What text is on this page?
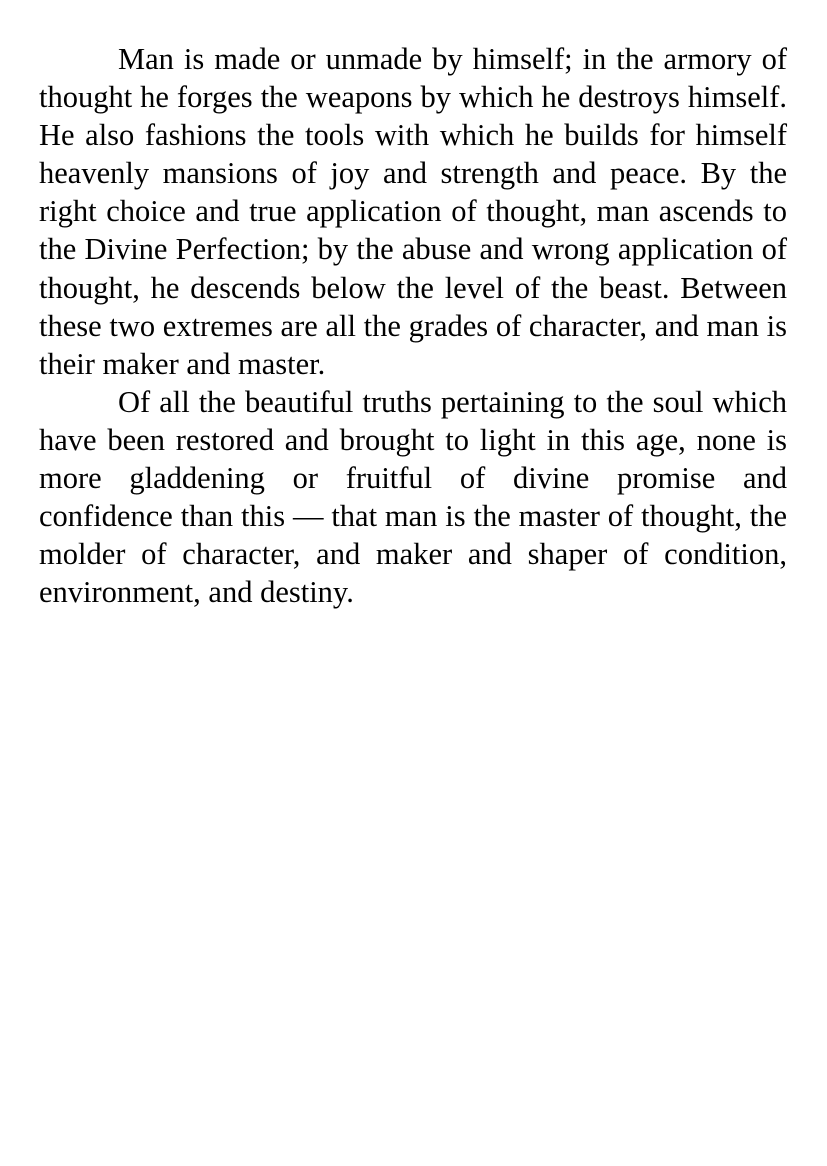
Man is made or unmade by himself; in the armory of thought he forges the weapons by which he destroys himself. He also fashions the tools with which he builds for himself heavenly mansions of joy and strength and peace. By the right choice and true application of thought, man ascends to the Divine Perfection; by the abuse and wrong application of thought, he descends below the level of the beast. Between these two extremes are all the grades of character, and man is their maker and master.

Of all the beautiful truths pertaining to the soul which have been restored and brought to light in this age, none is more gladdening or fruitful of divine promise and confidence than this — that man is the master of thought, the molder of character, and maker and shaper of condition, environment, and destiny.
